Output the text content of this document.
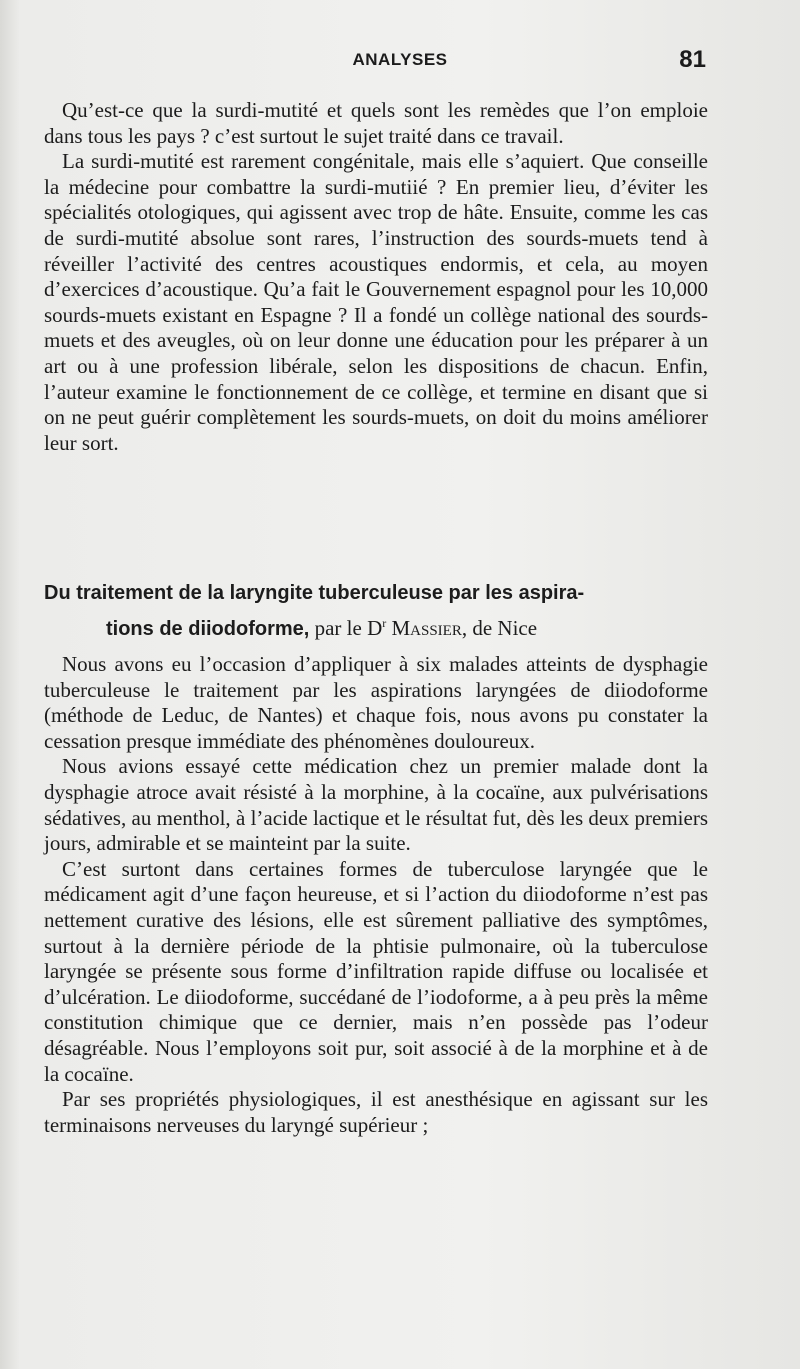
ANALYSES	81

Qu’est-ce que la surdi-mutité et quels sont les remèdes que l’on emploie dans tous les pays ? c’est surtout le sujet traité dans ce travail.

La surdi-mutité est rarement congénitale, mais elle s’aquiert. Que conseille la médecine pour combattre la surdi-mutiié ? En premier lieu, d’éviter les spécialités otologiques, qui agissent avec trop de hâte. Ensuite, comme les cas de surdi-mutité absolue sont rares, l’instruction des sourds-muets tend à réveiller l’activité des centres acoustiques endormis, et cela, au moyen d’exercices d’acoustique. Qu’a fait le Gouvernement espagnol pour les 10,000 sourds-muets existant en Espagne ? Il a fondé un collège national des sourds-muets et des aveugles, où on leur donne une éducation pour les préparer à un art ou à une profession libérale, selon les dispositions de chacun. Enfin, l’auteur examine le fonctionnement de ce collège, et termine en disant que si on ne peut guérir complètement les sourds-muets, on doit du moins améliorer leur sort.

Du traitement de la laryngite tuberculeuse par les aspira-
tions de diiodoforme, par le $D^r$ Massier, de Nice

Nous avons eu l’occasion d’appliquer à six malades atteints de dysphagie tuberculeuse le traitement par les aspirations laryngées de diiodoforme (méthode de Leduc, de Nantes) et chaque fois, nous avons pu constater la cessation presque immédiate des phénomènes douloureux.

Nous avions essayé cette médication chez un premier malade dont la dysphagie atroce avait résisté à la morphine, à la cocaïne, aux pulvérisations sédatives, au menthol, à l’acide lactique et le résultat fut, dès les deux premiers jours, admirable et se mainteint par la suite.

C’est surtont dans certaines formes de tuberculose laryngée que le médicament agit d’une façon heureuse, et si l’action du diiodoforme n’est pas nettement curative des lésions, elle est sûrement palliative des symptômes, surtout à la dernière période de la phtisie pulmonaire, où la tuberculose laryngée se présente sous forme d’infiltration rapide diffuse ou localisée et d’ulcération. Le diiodoforme, succédané de l’iodoforme, a à peu près la même constitution chimique que ce dernier, mais n’en possède pas l’odeur désagréable. Nous l’employons soit pur, soit associé à de la morphine et à de la cocaïne.

Par ses propriétés physiologiques, il est anesthésique en agissant sur les terminaisons nerveuses du laryngé supérieur ;
